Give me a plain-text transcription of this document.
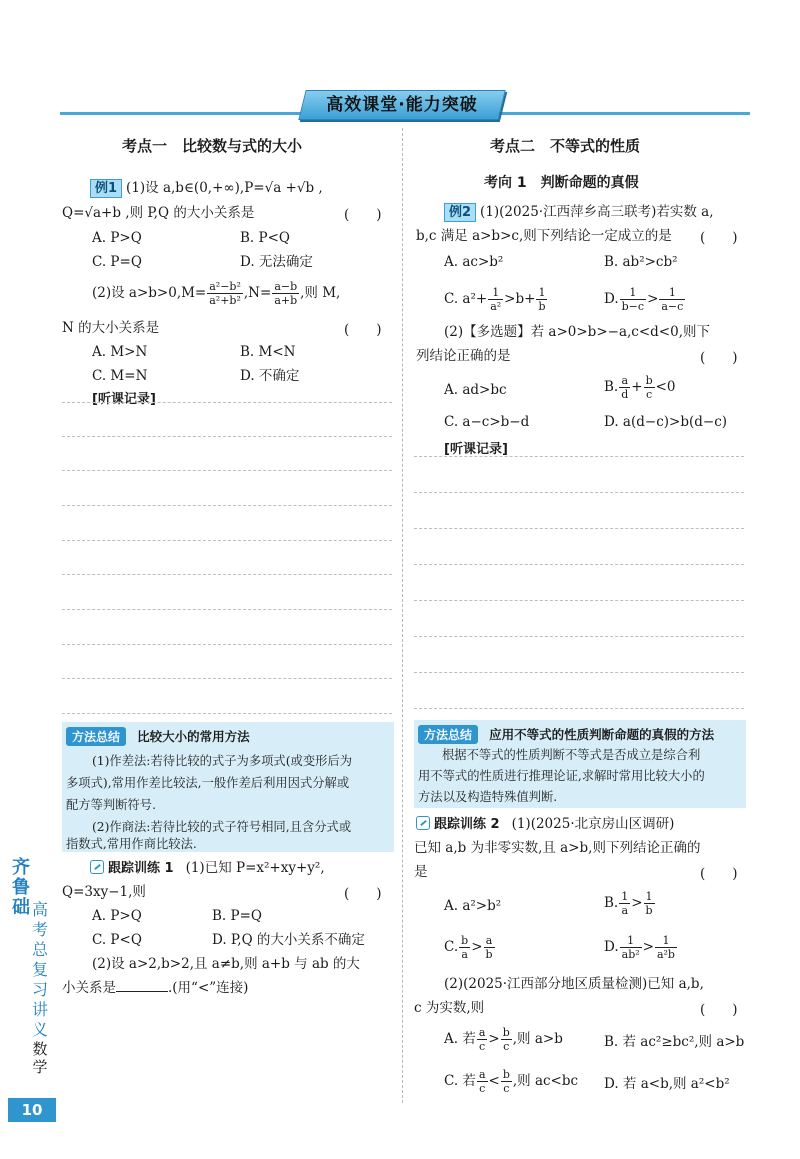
高效课堂·能力突破
考点一　比较数与式的大小
例1 (1)设 a,b∈(0,+∞),P=√a +√b ,
Q=√a+b ,则 P,Q 的大小关系是	(　　)
A. P>Q	B. P<Q
C. P=Q	D. 无法确定
(2)设 $a>b>0,M= \frac{\text{a²−b²}}{\text{a²+b²}} ,N= \frac{a-b}{a+b}$ ,则 M,
N 的大小关系是	(　　)
A. M>N	B. M<N
C. M=N	D. 不确定
[听课记录]
方法总结 比较大小的常用方法
(1)作差法:若待比较的式子为多项式(或变形后为
多项式),常用作差比较法,一般作差后利用因式分解或
配方等判断符号.
(2)作商法:若待比较的式子符号相同,且含分式或
指数式,常用作商比较法.
跟踪训练 1 (1)已知 P=x²+xy+y²,
Q=3xy−1,则	(　　)
A. P>Q	B. P=Q
C. P<Q	D. P,Q 的大小关系不确定
(2)设 a>2,b>2,且 a≠b,则 a+b 与 ab 的大
小关系是	.(用“<”连接)
考点二　不等式的性质
考向 1　判断命题的真假
例2 (1)(2025·江西萍乡高三联考)若实数 a,
b,c 满足 a>b>c,则下列结论一定成立的是 (　　)
A. ac>b²	B. ab²>cb²
C. $a^2+ \frac{1}{\text{a²}} >b+ \frac{1}{b}$	D. $\frac{1}{b-c} > \frac{1}{a-c}$
(2)【多选题】若 a>0>b>−a,c<d<0,则下
列结论正确的是	(　　)
A. ad>bc	B. $\frac{a}{d} + \frac{b}{c} <0$
C. a−c>b−d	D. a(d−c)>b(d−c)
[听课记录]
方法总结 应用不等式的性质判断命题的真假的方法
根据不等式的性质判断不等式是否成立是综合利
用不等式的性质进行推理论证,求解时常用比较大小的
方法以及构造特殊值判断.
跟踪训练 2 (1)(2025·北京房山区调研)
已知 a,b 为非零实数,且 a>b,则下列结论正确的
是	(　　)
A. a²>b²	B. $\frac{1}{a} > \frac{1}{b}$
C. $\frac{b}{a} > \frac{a}{b}$	D. $\frac{1}{\text{ab²}} > \frac{1}{\text{a²b}}$
(2)(2025·江西部分地区质量检测)已知 a,b,
c 为实数,则	(　　)
A. 若 $\frac{a}{c} > \frac{b}{c}$ ,则 a>b	B. 若 ac²≥bc²,则 a>b
C. 若 $\frac{a}{c} < \frac{b}{c}$ ,则 ac<bc D. 若 a<b,则 a²<b²
齐鲁础 高考总复习讲义
数学
10
